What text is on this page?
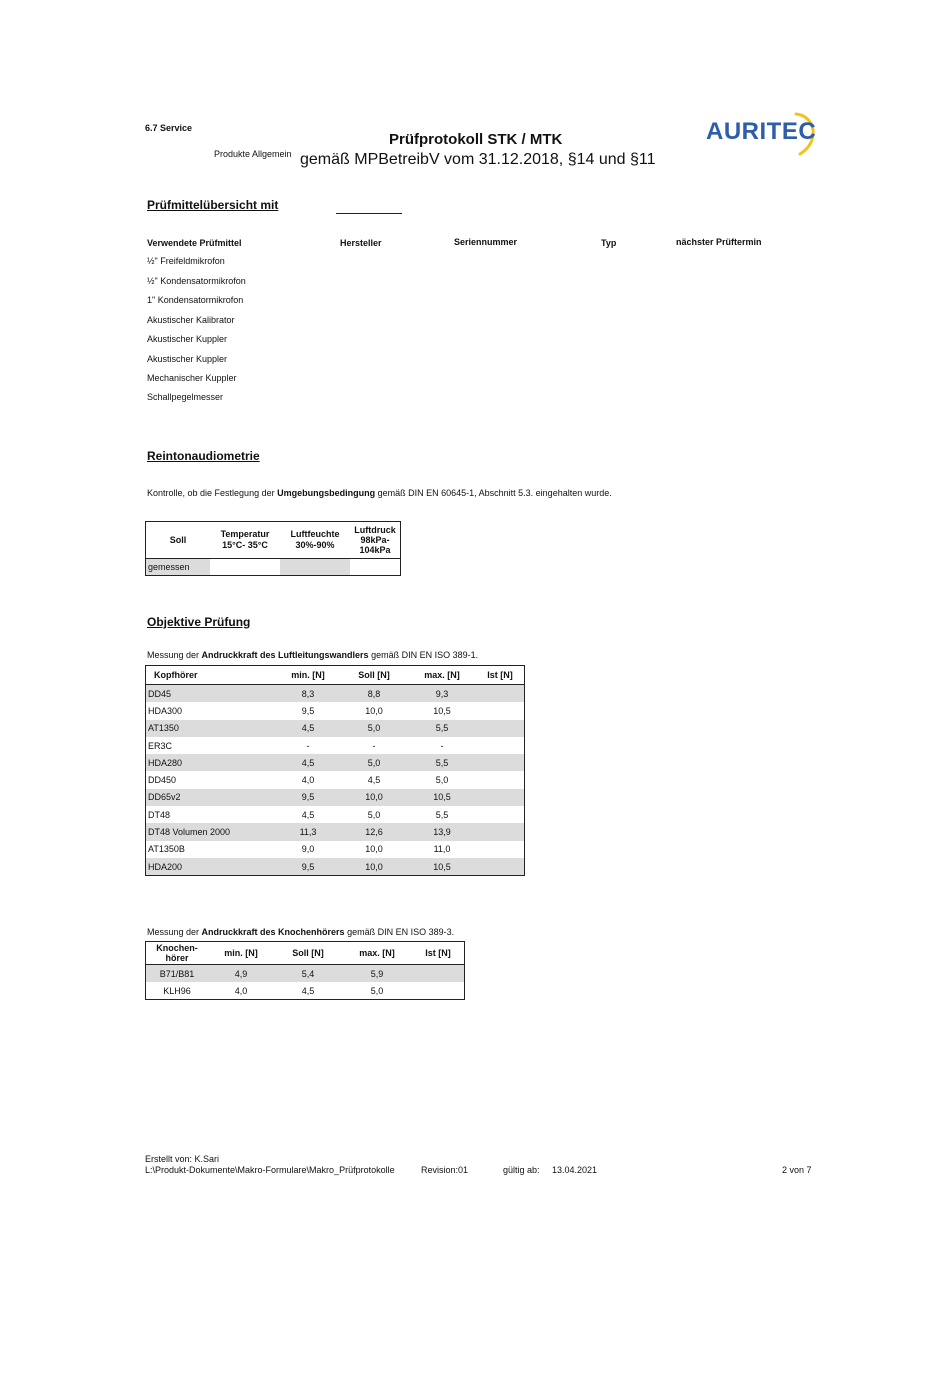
6.7 Service
Produkte Allgemein
Prüfprotokoll STK / MTK
gemäß MPBetreibV vom 31.12.2018, §14 und §11
AURITEC
Prüfmittelübersicht mit
Verwendete Prüfmittel	Hersteller	Seriennummer	Typ	nächster Prüftermin
½" Freifeldmikrofon
½" Kondensatormikrofon
1" Kondensatormikrofon
Akustischer Kalibrator
Akustischer Kuppler
Akustischer Kuppler
Mechanischer Kuppler
Schallpegelmesser
Reintonaudiometrie
Kontrolle, ob die Festlegung der Umgebungsbedingung gemäß DIN EN 60645-1, Abschnitt 5.3. eingehalten wurde.
Soll	Temperatur 15°C- 35°C	Luftfeuchte 30%-90%	Luftdruck 98kPa-104kPa
gemessen			
Objektive Prüfung
Messung der Andruckkraft des Luftleitungswandlers gemäß DIN EN ISO 389-1.
Kopfhörer	min. [N]	Soll [N]	max. [N]	Ist [N]
DD45	8,3	8,8	9,3	
HDA300	9,5	10,0	10,5	
AT1350	4,5	5,0	5,5	
ER3C	-	-	-	
HDA280	4,5	5,0	5,5	
DD450	4,0	4,5	5,0	
DD65v2	9,5	10,0	10,5	
DT48	4,5	5,0	5,5	
DT48 Volumen 2000	11,3	12,6	13,9	
AT1350B	9,0	10,0	11,0	
HDA200	9,5	10,0	10,5	
Messung der Andruckkraft des Knochenhörers gemäß DIN EN ISO 389-3.
Knochen-hörer	min. [N]	Soll [N]	max. [N]	Ist [N]
B71/B81	4,9	5,4	5,9	
KLH96	4,0	4,5	5,0	
Erstellt von: K.Sari
L:\Produkt-Dokumente\Makro-Formulare\Makro_Prüfprotokolle	Revision:01	gültig ab: 13.04.2021	2 von 7
